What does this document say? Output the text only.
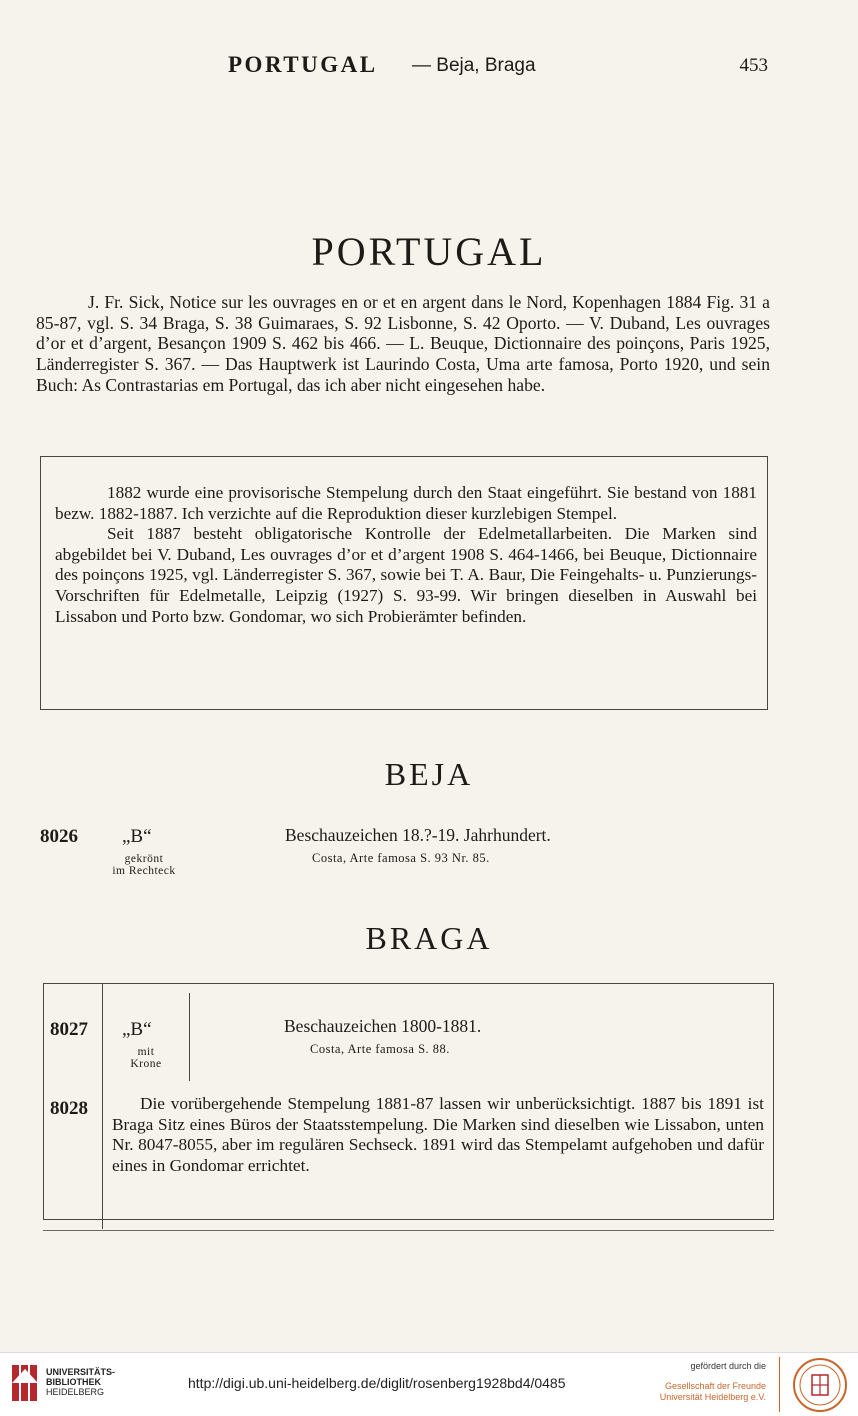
PORTUGAL — Beja, Braga	453
PORTUGAL

J. Fr. Sick, Notice sur les ouvrages en or et en argent dans le Nord, Kopenhagen 1884 Fig. 31 a 85-87, vgl. S. 34 Braga, S. 38 Guimaraes, S. 92 Lisbonne, S. 42 Oporto. — V. Duband, Les ouvrages d’or et d’argent, Besançon 1909 S. 462 bis 466. — L. Beuque, Dictionnaire des poinçons, Paris 1925, Länderregister S. 367. — Das Hauptwerk ist Laurindo Costa, Uma arte famosa, Porto 1920, und sein Buch: As Contrastarias em Portugal, das ich aber nicht eingesehen habe.

1882 wurde eine provisorische Stempelung durch den Staat eingeführt. Sie bestand von 1881 bezw. 1882-1887. Ich verzichte auf die Reproduktion dieser kurzlebigen Stempel.

Seit 1887 besteht obligatorische Kontrolle der Edelmetallarbeiten. Die Marken sind abgebildet bei V. Duband, Les ouvrages d’or et d’argent 1908 S. 464-1466, bei Beuque, Dictionnaire des poinçons 1925, vgl. Länderregister S. 367, sowie bei T. A. Baur, Die Feingehalts- u. Punzierungs-Vorschriften für Edelmetalle, Leipzig (1927) S. 93-99. Wir bringen dieselben in Auswahl bei Lissabon und Porto bzw. Gondomar, wo sich Probierämter befinden.

BEJA
8026 „B“
gekrönt
im Rechteck
Beschauzeichen 18.?-19. Jahrhundert.
Costa, Arte famosa S. 93 Nr. 85.
BRAGA
8027 „B“
mit
Krone
Beschauzeichen 1800-1881.
Costa, Arte famosa S. 88.
8028	Die vorübergehende Stempelung 1881-87 lassen wir unberücksichtigt. 1887 bis 1891 ist Braga Sitz eines Büros der Staatsstempelung. Die Marken sind dieselben wie Lissabon, unten Nr. 8047-8055, aber im regulären Sechseck. 1891 wird das Stempelamt aufgehoben und dafür eines in Gondomar errichtet.

UNIVERSITÄTS-
BIBLIOTHEK
HEIDELBERG
http://digi.ub.uni-heidelberg.de/diglit/rosenberg1928bd4/0485
gefördert durch die
Gesellschaft der Freunde
Universität Heidelberg e.V.
